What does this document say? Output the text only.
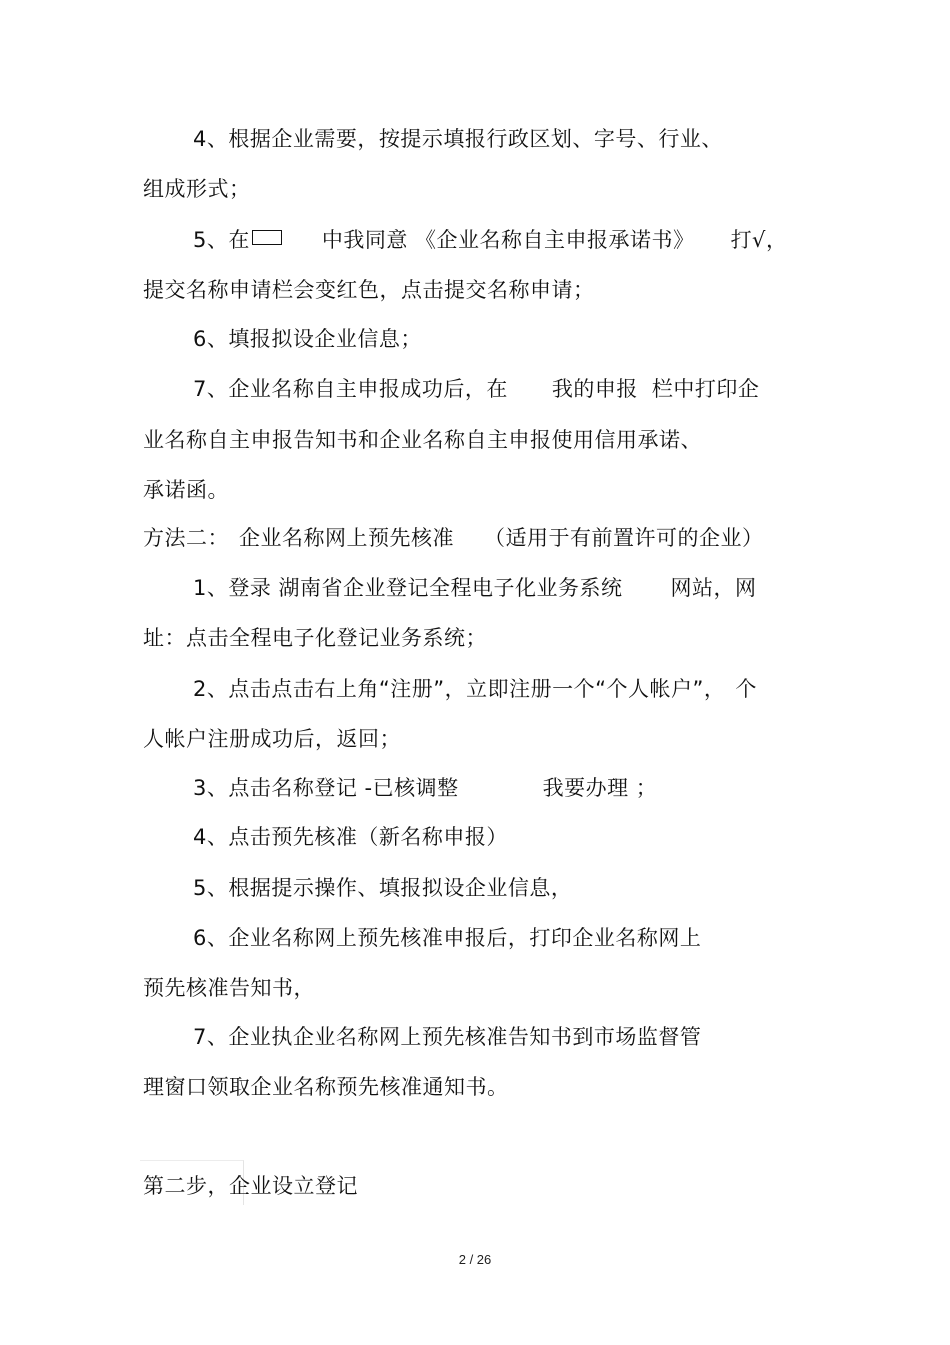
4、根据企业需要，按提示填报行政区划、字号、行业、
组成形式；
5、在	中我同意 《企业名称自主申报承诺书》 打√，
提交名称申请栏会变红色，点击提交名称申请；
6、填报拟设企业信息；
7、企业名称自主申报成功后，在 我的申报 栏中打印企
业名称自主申报告知书和企业名称自主申报使用信用承诺、
承诺函。
方法二： 企业名称网上预先核准 （适用于有前置许可的企业）
1、登录 湖南省企业登记全程电子化业务系统 网站，网
址：点击全程电子化登记业务系统；
2、点击点击右上角“注册”，立即注册一个“个人帐户”， 个
人帐户注册成功后，返回；
3、点击名称登记 -已核调整	我要办理 ；
4、点击预先核准（新名称申报）
5、根据提示操作、填报拟设企业信息，
6、企业名称网上预先核准申报后，打印企业名称网上
预先核准告知书，
7、企业执企业名称网上预先核准告知书到市场监督管
理窗口领取企业名称预先核准通知书。
第二步，企业设立登记
2 / 26
